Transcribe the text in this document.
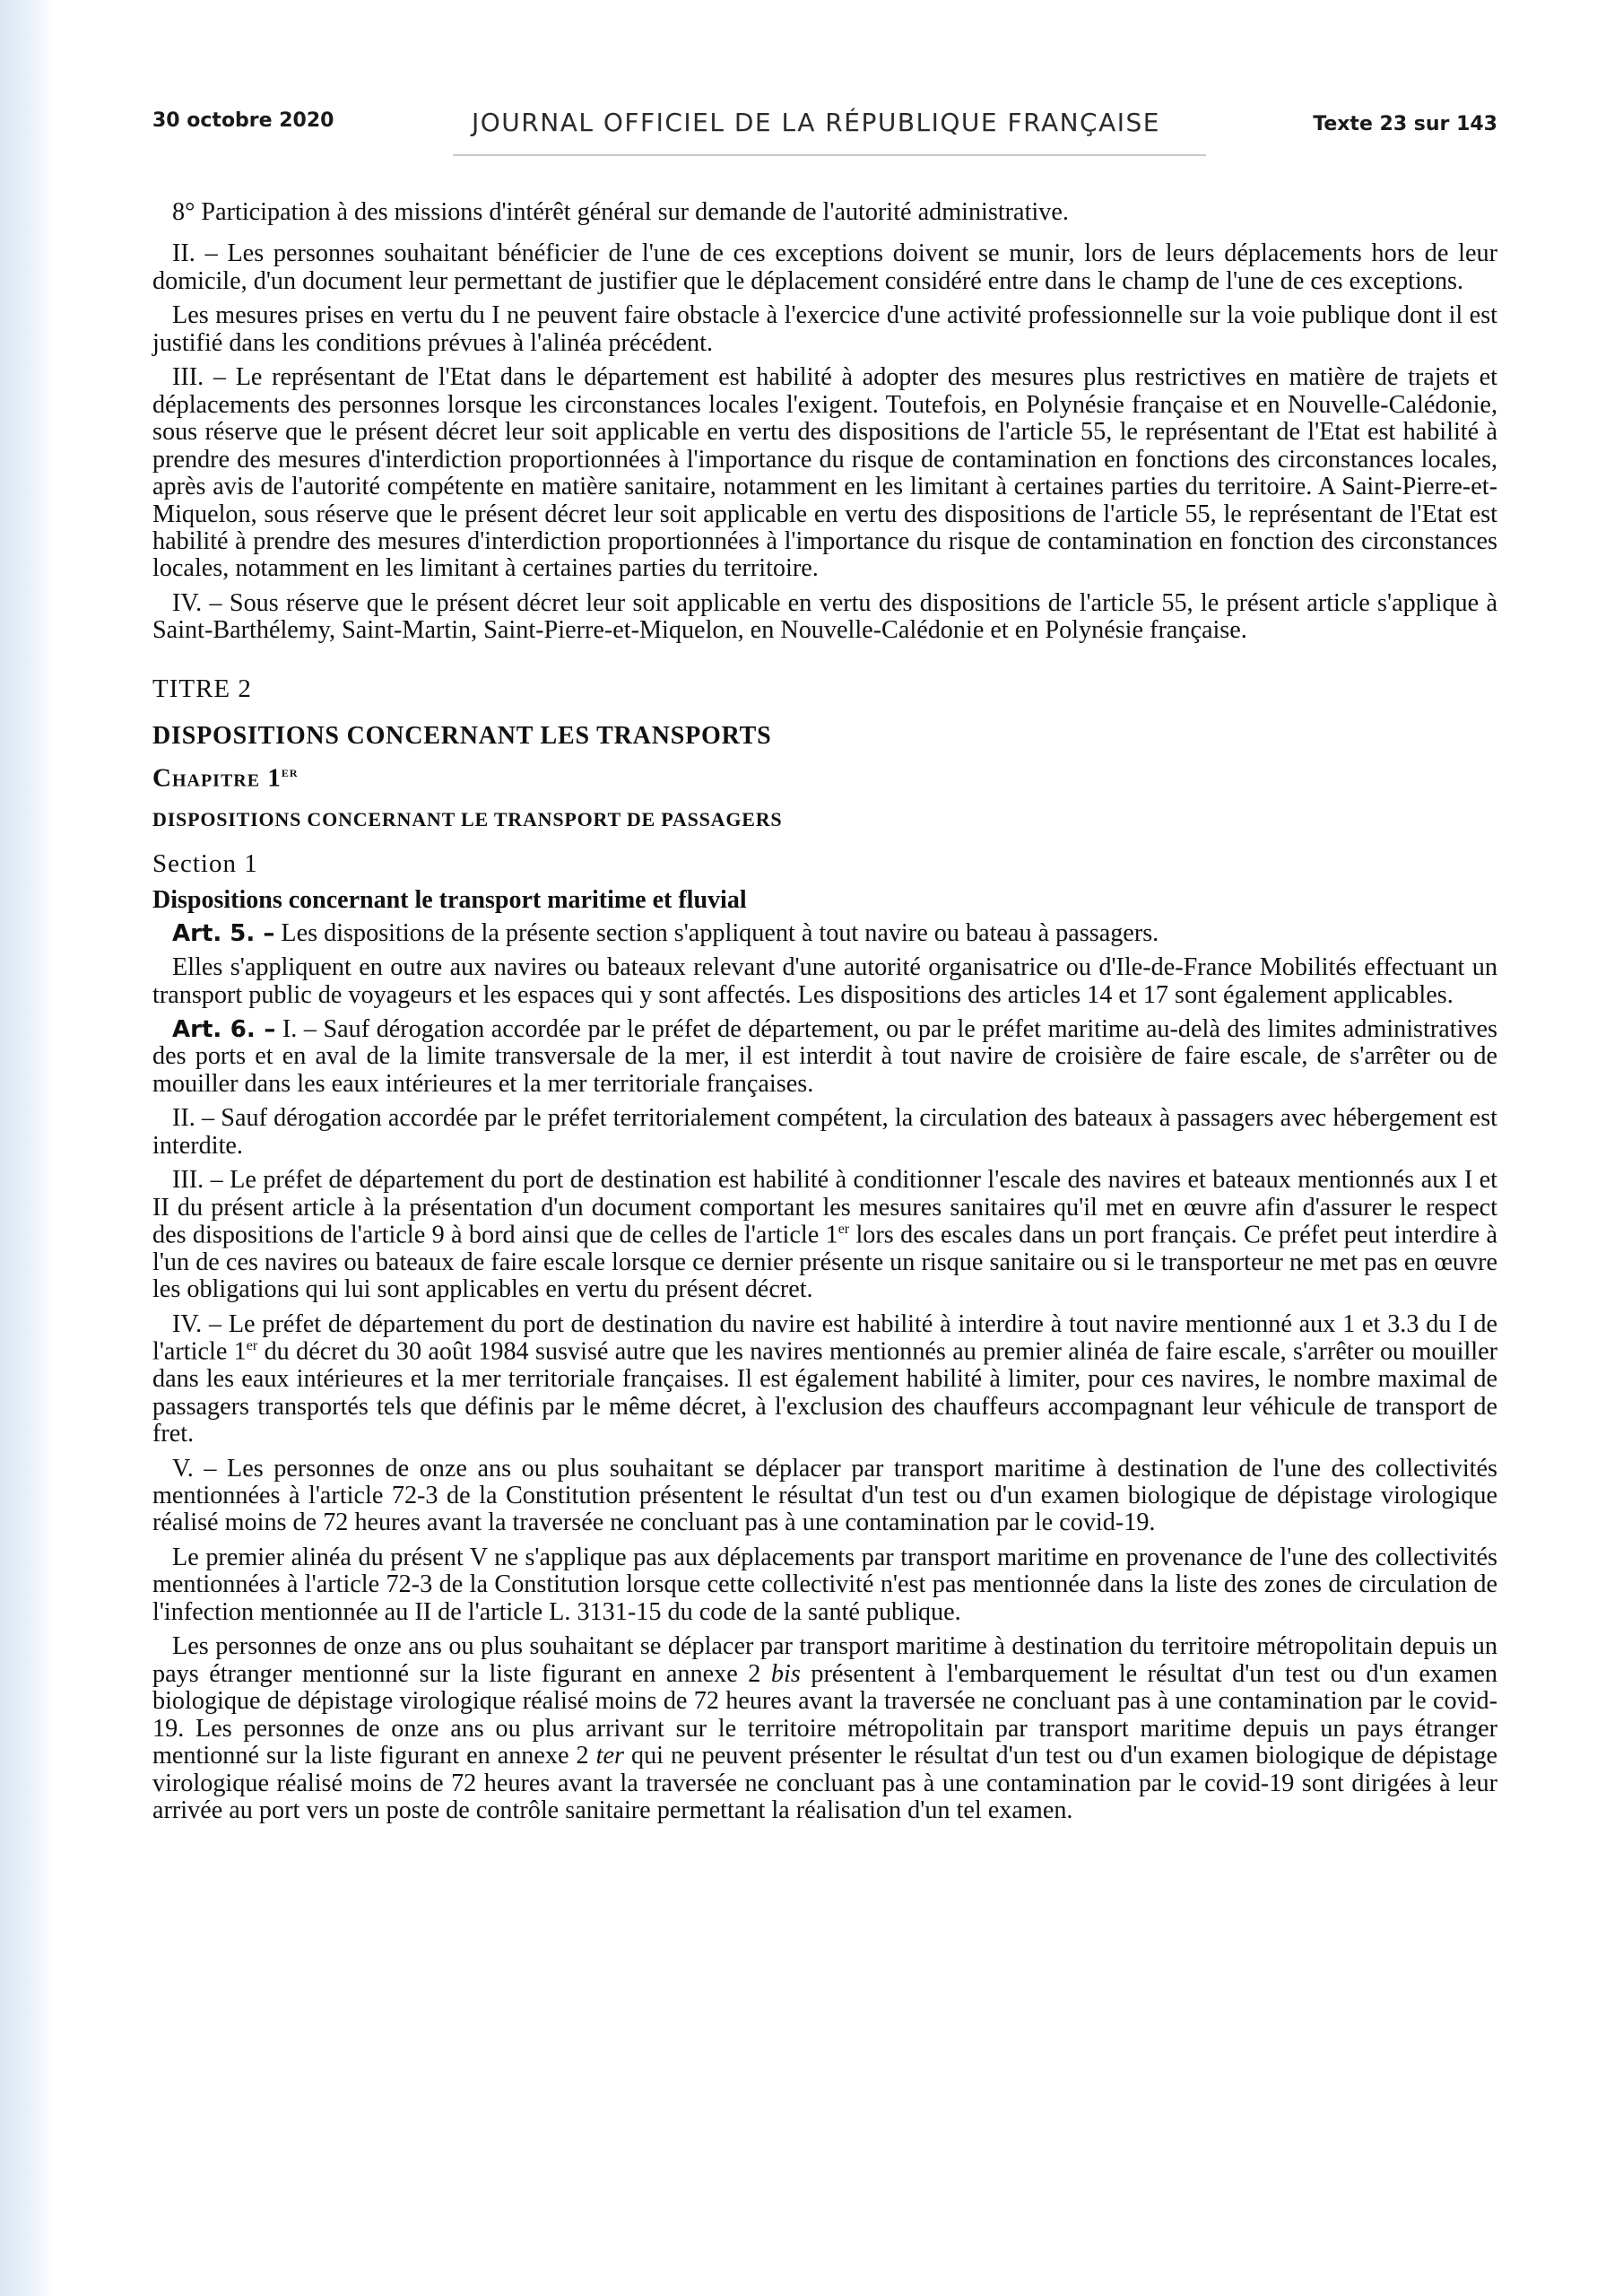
30 octobre 2020	JOURNAL OFFICIEL DE LA RÉPUBLIQUE FRANÇAISE	Texte 23 sur 143

8° Participation à des missions d'intérêt général sur demande de l'autorité administrative.

II. – Les personnes souhaitant bénéficier de l'une de ces exceptions doivent se munir, lors de leurs déplacements hors de leur domicile, d'un document leur permettant de justifier que le déplacement considéré entre dans le champ de l'une de ces exceptions.

Les mesures prises en vertu du I ne peuvent faire obstacle à l'exercice d'une activité professionnelle sur la voie publique dont il est justifié dans les conditions prévues à l'alinéa précédent.

III. – Le représentant de l'Etat dans le département est habilité à adopter des mesures plus restrictives en matière de trajets et déplacements des personnes lorsque les circonstances locales l'exigent. Toutefois, en Polynésie française et en Nouvelle-Calédonie, sous réserve que le présent décret leur soit applicable en vertu des dispositions de l'article 55, le représentant de l'Etat est habilité à prendre des mesures d'interdiction proportionnées à l'importance du risque de contamination en fonctions des circonstances locales, après avis de l'autorité compétente en matière sanitaire, notamment en les limitant à certaines parties du territoire. A Saint-Pierre-et-Miquelon, sous réserve que le présent décret leur soit applicable en vertu des dispositions de l'article 55, le représentant de l'Etat est habilité à prendre des mesures d'interdiction proportionnées à l'importance du risque de contamination en fonction des circonstances locales, notamment en les limitant à certaines parties du territoire.

IV. – Sous réserve que le présent décret leur soit applicable en vertu des dispositions de l'article 55, le présent article s'applique à Saint-Barthélemy, Saint-Martin, Saint-Pierre-et-Miquelon, en Nouvelle-Calédonie et en Polynésie française.

TITRE 2

DISPOSITIONS CONCERNANT LES TRANSPORTS

Chapitre 1er

DISPOSITIONS CONCERNANT LE TRANSPORT DE PASSAGERS

Section 1

Dispositions concernant le transport maritime et fluvial

Art. 5. – Les dispositions de la présente section s'appliquent à tout navire ou bateau à passagers.

Elles s'appliquent en outre aux navires ou bateaux relevant d'une autorité organisatrice ou d'Ile-de-France Mobilités effectuant un transport public de voyageurs et les espaces qui y sont affectés. Les dispositions des articles 14 et 17 sont également applicables.

Art. 6. – I. – Sauf dérogation accordée par le préfet de département, ou par le préfet maritime au-delà des limites administratives des ports et en aval de la limite transversale de la mer, il est interdit à tout navire de croisière de faire escale, de s'arrêter ou de mouiller dans les eaux intérieures et la mer territoriale françaises.

II. – Sauf dérogation accordée par le préfet territorialement compétent, la circulation des bateaux à passagers avec hébergement est interdite.

III. – Le préfet de département du port de destination est habilité à conditionner l'escale des navires et bateaux mentionnés aux I et II du présent article à la présentation d'un document comportant les mesures sanitaires qu'il met en œuvre afin d'assurer le respect des dispositions de l'article 9 à bord ainsi que de celles de l'article 1er lors des escales dans un port français. Ce préfet peut interdire à l'un de ces navires ou bateaux de faire escale lorsque ce dernier présente un risque sanitaire ou si le transporteur ne met pas en œuvre les obligations qui lui sont applicables en vertu du présent décret.

IV. – Le préfet de département du port de destination du navire est habilité à interdire à tout navire mentionné aux 1 et 3.3 du I de l'article 1er du décret du 30 août 1984 susvisé autre que les navires mentionnés au premier alinéa de faire escale, s'arrêter ou mouiller dans les eaux intérieures et la mer territoriale françaises. Il est également habilité à limiter, pour ces navires, le nombre maximal de passagers transportés tels que définis par le même décret, à l'exclusion des chauffeurs accompagnant leur véhicule de transport de fret.

V. – Les personnes de onze ans ou plus souhaitant se déplacer par transport maritime à destination de l'une des collectivités mentionnées à l'article 72-3 de la Constitution présentent le résultat d'un test ou d'un examen biologique de dépistage virologique réalisé moins de 72 heures avant la traversée ne concluant pas à une contamination par le covid-19.

Le premier alinéa du présent V ne s'applique pas aux déplacements par transport maritime en provenance de l'une des collectivités mentionnées à l'article 72-3 de la Constitution lorsque cette collectivité n'est pas mentionnée dans la liste des zones de circulation de l'infection mentionnée au II de l'article L. 3131-15 du code de la santé publique.

Les personnes de onze ans ou plus souhaitant se déplacer par transport maritime à destination du territoire métropolitain depuis un pays étranger mentionné sur la liste figurant en annexe 2 bis présentent à l'embarquement le résultat d'un test ou d'un examen biologique de dépistage virologique réalisé moins de 72 heures avant la traversée ne concluant pas à une contamination par le covid-19. Les personnes de onze ans ou plus arrivant sur le territoire métropolitain par transport maritime depuis un pays étranger mentionné sur la liste figurant en annexe 2 ter qui ne peuvent présenter le résultat d'un test ou d'un examen biologique de dépistage virologique réalisé moins de 72 heures avant la traversée ne concluant pas à une contamination par le covid-19 sont dirigées à leur arrivée au port vers un poste de contrôle sanitaire permettant la réalisation d'un tel examen.
